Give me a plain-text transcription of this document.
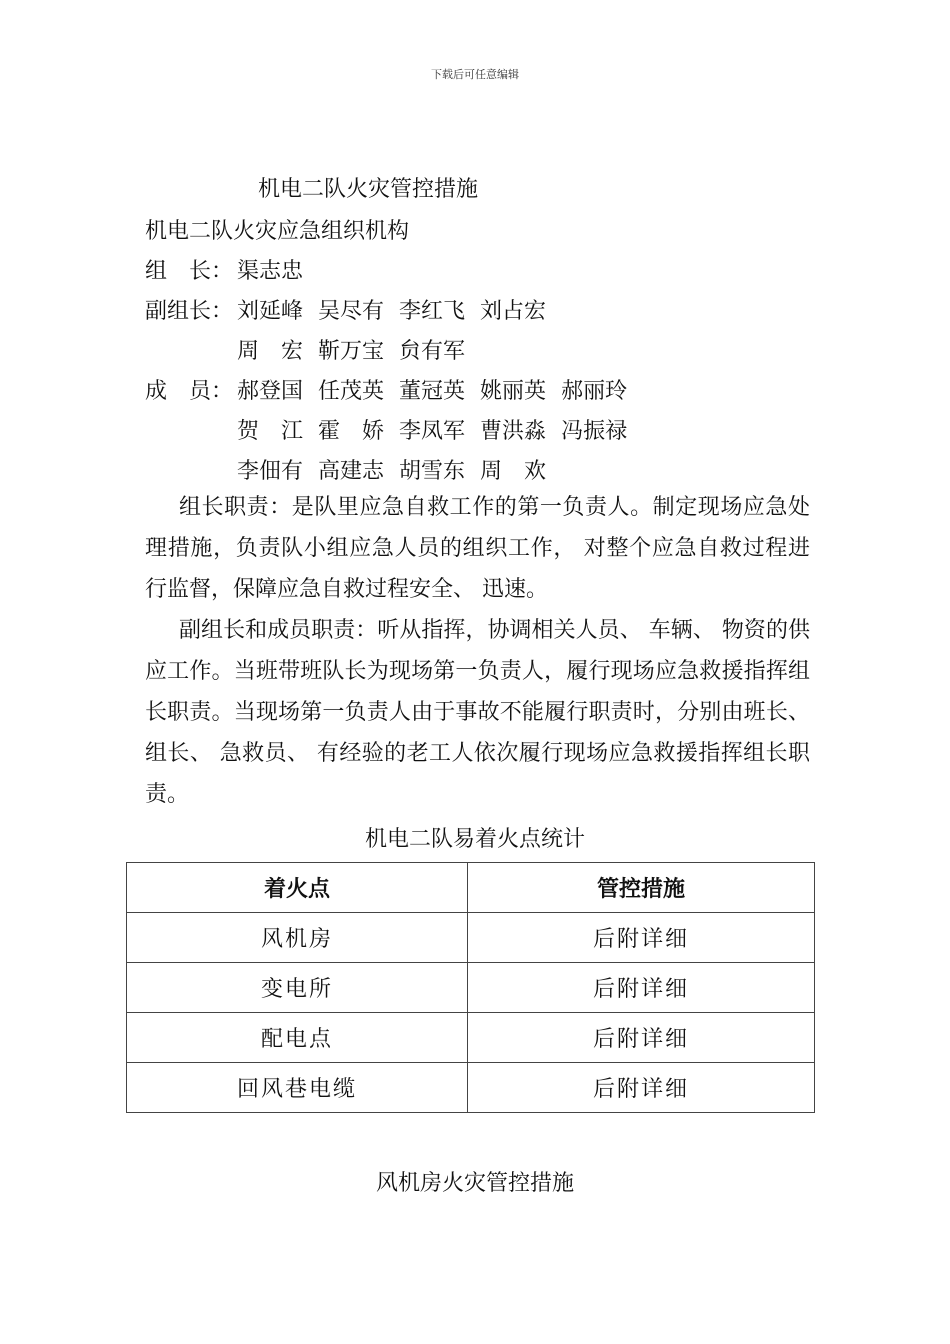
下载后可任意编辑
机电二队火灾管控措施
机电二队火灾应急组织机构
组　长： 渠志忠
副组长： 刘延峰 吴尽有 李红飞 刘占宏
周　宏 靳万宝 贠有军
成　员： 郝登国 任茂英 董冠英 姚丽英 郝丽玲
贺　江 霍　娇 李凤军 曹洪淼 冯振禄
李佃有 高建志 胡雪东 周　欢

组长职责：是队里应急自救工作的第一负责人。制定现场应急处理措施，负责队小组应急人员的组织工作， 对整个应急自救过程进行监督，保障应急自救过程安全、 迅速。

副组长和成员职责：听从指挥，协调相关人员、 车辆、 物资的供应工作。当班带班队长为现场第一负责人，履行现场应急救援指挥组长职责。当现场第一负责人由于事故不能履行职责时，分别由班长、 组长、 急救员、 有经验的老工人依次履行现场应急救援指挥组长职责。

机电二队易着火点统计
着火点	管控措施
风机房	后附详细
变电所	后附详细
配电点	后附详细
回风巷电缆	后附详细
风机房火灾管控措施
